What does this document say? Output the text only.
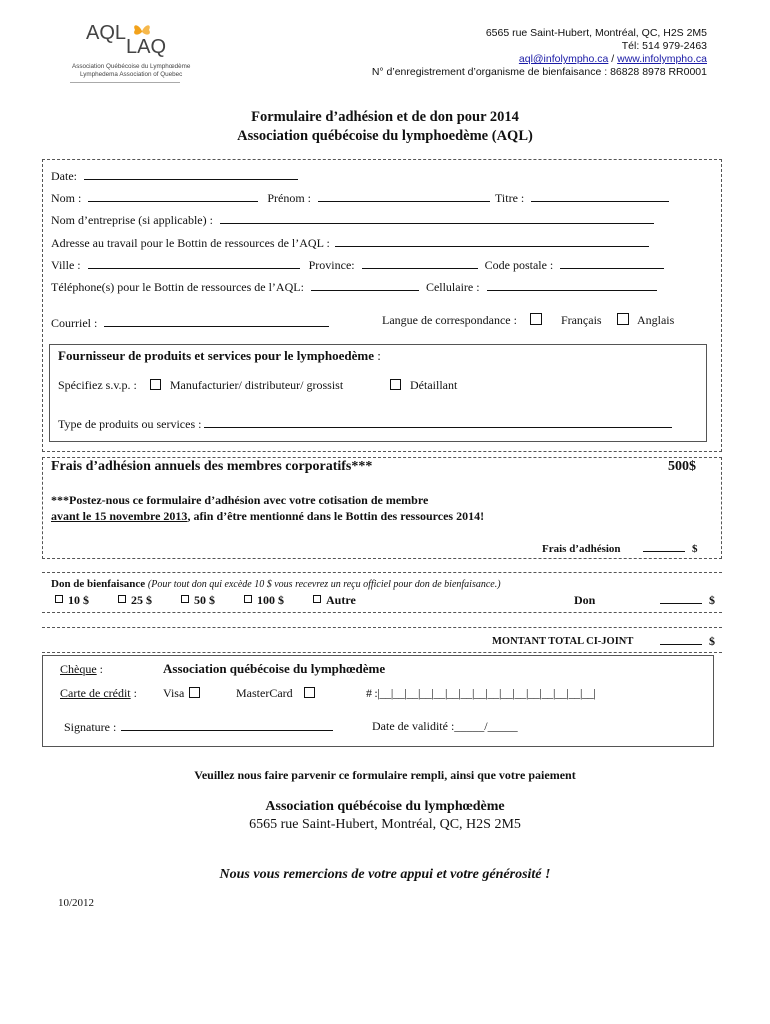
AQL
LAQ
Association Québécoise du Lymphœdème
Lymphedema Association of Quebec
6565 rue Saint-Hubert, Montréal, QC, H2S 2M5
Tél: 514 979-2463
aql@infolympho.ca / www.infolympho.ca
N° d’enregistrement d’organisme de bienfaisance : 86828 8978 RR0001
Formulaire d’adhésion et de don pour 2014
Association québécoise du lymphoedème (AQL)
Date:
Nom :	Prénom :	Titre :
Nom d’entreprise (si applicable) :
Adresse au travail pour le Bottin de ressources de l’AQL :
Ville :	Province:	Code postale :
Téléphone(s) pour le Bottin de ressources de l’AQL:	Cellulaire :
Courriel :	Langue de correspondance :	Français	Anglais
Fournisseur de produits et services pour le lymphoedème :
Spécifiez s.v.p. :	Manufacturier/ distributeur/ grossist	Détaillant
Type de produits ou services :
Frais d’adhésion annuels des membres corporatifs***	500$
***Postez-nous ce formulaire d’adhésion avec votre cotisation de membre
avant le 15 novembre 2013, afin d’être mentionné dans le Bottin des ressources 2014!
Frais d’adhésion	$
Don de bienfaisance (Pour tout don qui excède 10 $ vous recevrez un reçu officiel pour don de bienfaisance.)
10 $	25 $	50 $	100 $	Autre	Don	$
MONTANT TOTAL CI-JOINT	$
Chèque :	Association québécoise du lymphœdème
Carte de crédit : Visa	MasterCard	# :|__|__|__|__|__|__|__|__|__|__|__|__|__|__|__|__|
Signature :	Date de validité :_____/_____
Veuillez nous faire parvenir ce formulaire rempli, ainsi que votre paiement
Association québécoise du lymphœdème
6565 rue Saint-Hubert, Montréal, QC, H2S 2M5
Nous vous remercions de votre appui et votre générosité !
10/2012
